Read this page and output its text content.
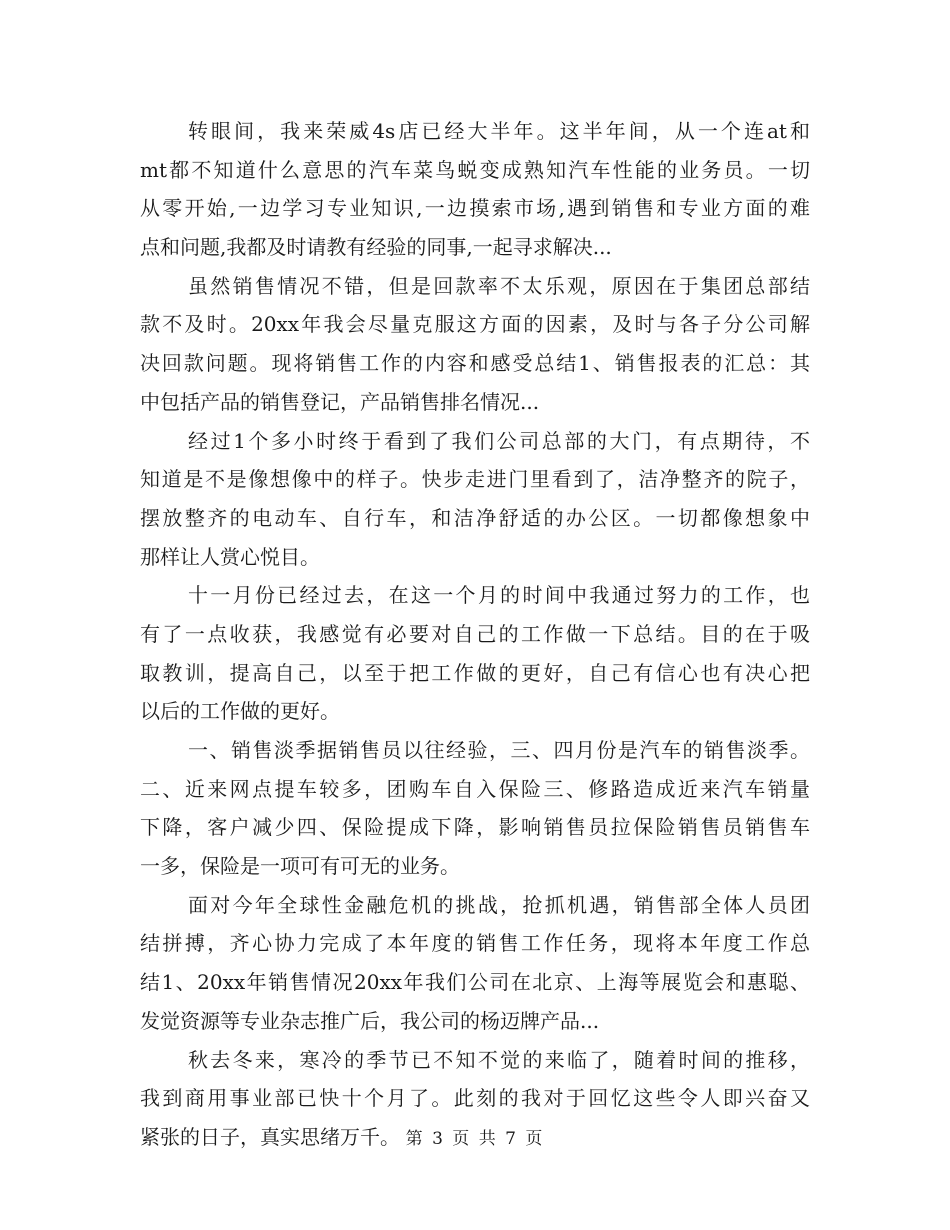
转眼间，我来荣威4s店已经大半年。这半年间，从一个连at和
mt都不知道什么意思的汽车菜鸟蜕变成熟知汽车性能的业务员。一切
从零开始,一边学习专业知识,一边摸索市场,遇到销售和专业方面的难
点和问题,我都及时请教有经验的同事,一起寻求解决...
虽然销售情况不错，但是回款率不太乐观，原因在于集团总部结
款不及时。20xx年我会尽量克服这方面的因素，及时与各子分公司解
决回款问题。现将销售工作的内容和感受总结1、销售报表的汇总：其
中包括产品的销售登记，产品销售排名情况...
经过1个多小时终于看到了我们公司总部的大门，有点期待，不
知道是不是像想像中的样子。快步走进门里看到了，洁净整齐的院子，
摆放整齐的电动车、自行车，和洁净舒适的办公区。一切都像想象中
那样让人赏心悦目。
十一月份已经过去，在这一个月的时间中我通过努力的工作，也
有了一点收获，我感觉有必要对自己的工作做一下总结。目的在于吸
取教训，提高自己，以至于把工作做的更好，自己有信心也有决心把
以后的工作做的更好。
一、销售淡季据销售员以往经验，三、四月份是汽车的销售淡季。
二、近来网点提车较多，团购车自入保险三、修路造成近来汽车销量
下降，客户减少四、保险提成下降，影响销售员拉保险销售员销售车
一多，保险是一项可有可无的业务。
面对今年全球性金融危机的挑战，抢抓机遇，销售部全体人员团
结拼搏，齐心协力完成了本年度的销售工作任务，现将本年度工作总
结1、20xx年销售情况20xx年我们公司在北京、上海等展览会和惠聪、
发觉资源等专业杂志推广后，我公司的杨迈牌产品...
秋去冬来，寒冷的季节已不知不觉的来临了，随着时间的推移，
我到商用事业部已快十个月了。此刻的我对于回忆这些令人即兴奋又
紧张的日子，真实思绪万千。 第 3 页 共 7 页
